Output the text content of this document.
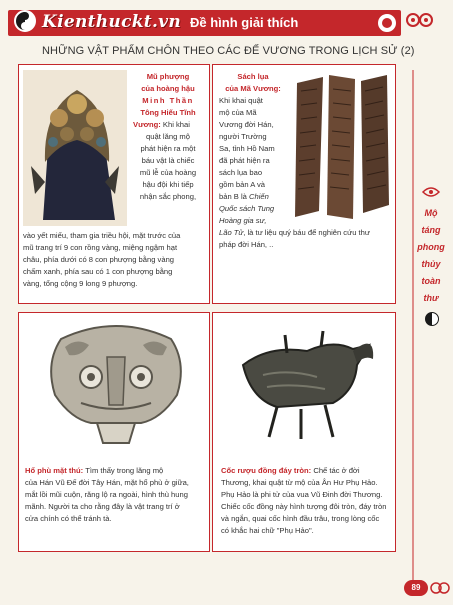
Kienthuckt.vn Đề hình giải thích
NHỮNG VẬT PHẨM CHÔN THEO CÁC ĐẾ VƯƠNG TRONG LỊCH SỬ (2)
Mũ phượng
của hoàng hậu
Minh Thần
Tông Hiếu Tĩnh
Vương: Khi khai
quật lăng mộ
phát hiện ra một
báu vật là chiếc
mũ lễ của hoàng
hậu đội khi tiếp
nhận sắc phong,
vào yết miếu, tham gia triều hội, mặt trước của
mũ trang trí 9 con rồng vàng, miệng ngậm hạt
châu, phía dưới có 8 con phượng bằng vàng
chấm xanh, phía sau có 1 con phượng bằng
vàng, tổng cộng 9 long 9 phượng.
Sách lụa
của Mã Vương:
Khi khai quật
mộ của Mã
Vương đời Hán,
người Trường
Sa, tỉnh Hồ Nam
đã phát hiện ra
sách lụa bao
gồm bản A và
bản B là Chiến
Quốc sách Tung
Hoàng gia sư,
Lão Tử, là tư liệu quý báu để nghiên cứu thư
pháp đời Hán, ..
Hổ phù mặt thú: Tìm thấy trong lăng mộ
của Hán Vũ Đế đời Tây Hán, mặt hổ phù ở giữa,
mắt lồi mũi cuộn, răng lộ ra ngoài, hình thù hung
mãnh. Người ta cho rằng đây là vật trang trí ở
cửa chính có thể tránh tà.
Cốc rượu đồng đáy tròn: Chế tác ở đời
Thương, khai quật từ mộ của Ân Hư Phụ Hảo.
Phụ Hảo là phi tử của vua Vũ Đinh đời Thương.
Chiếc cốc đồng này hình tượng đôi tròn, đáy tròn
và ngắn, quai cốc hình đầu trâu, trong lòng cốc
có khắc hai chữ "Phụ Hảo".
Mộ
táng
phong
thủy
toàn
thư
89
